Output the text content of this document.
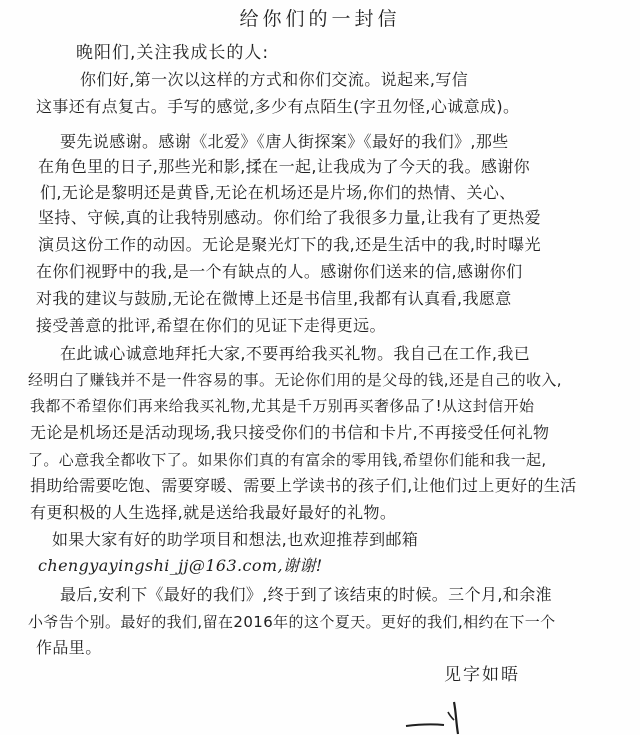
给你们的一封信
晚阳们,关注我成长的人:
你们好,第一次以这样的方式和你们交流。说起来,写信
这事还有点复古。手写的感觉,多少有点陌生(字丑勿怪,心诚意成)。
要先说感谢。感谢《北爱》《唐人街探案》《最好的我们》,那些
在角色里的日子,那些光和影,揉在一起,让我成为了今天的我。感谢你
们,无论是黎明还是黄昏,无论在机场还是片场,你们的热情、关心、
坚持、守候,真的让我特别感动。你们给了我很多力量,让我有了更热爱
演员这份工作的动因。无论是聚光灯下的我,还是生活中的我,时时曝光
在你们视野中的我,是一个有缺点的人。感谢你们送来的信,感谢你们
对我的建议与鼓励,无论在微博上还是书信里,我都有认真看,我愿意
接受善意的批评,希望在你们的见证下走得更远。
在此诚心诚意地拜托大家,不要再给我买礼物。我自己在工作,我已
经明白了赚钱并不是一件容易的事。无论你们用的是父母的钱,还是自己的收入,
我都不希望你们再来给我买礼物,尤其是千万别再买奢侈品了!从这封信开始
无论是机场还是活动现场,我只接受你们的书信和卡片,不再接受任何礼物
了。心意我全都收下了。如果你们真的有富余的零用钱,希望你们能和我一起,
捐助给需要吃饱、需要穿暖、需要上学读书的孩子们,让他们过上更好的生活
有更积极的人生选择,就是送给我最好最好的礼物。
如果大家有好的助学项目和想法,也欢迎推荐到邮箱
chengyayingshi_jj@163.com,谢谢!
最后,安利下《最好的我们》,终于到了该结束的时候。三个月,和余淮
小爷告个别。最好的我们,留在2016年的这个夏天。更好的我们,相约在下一个
作品里。
见字如晤
